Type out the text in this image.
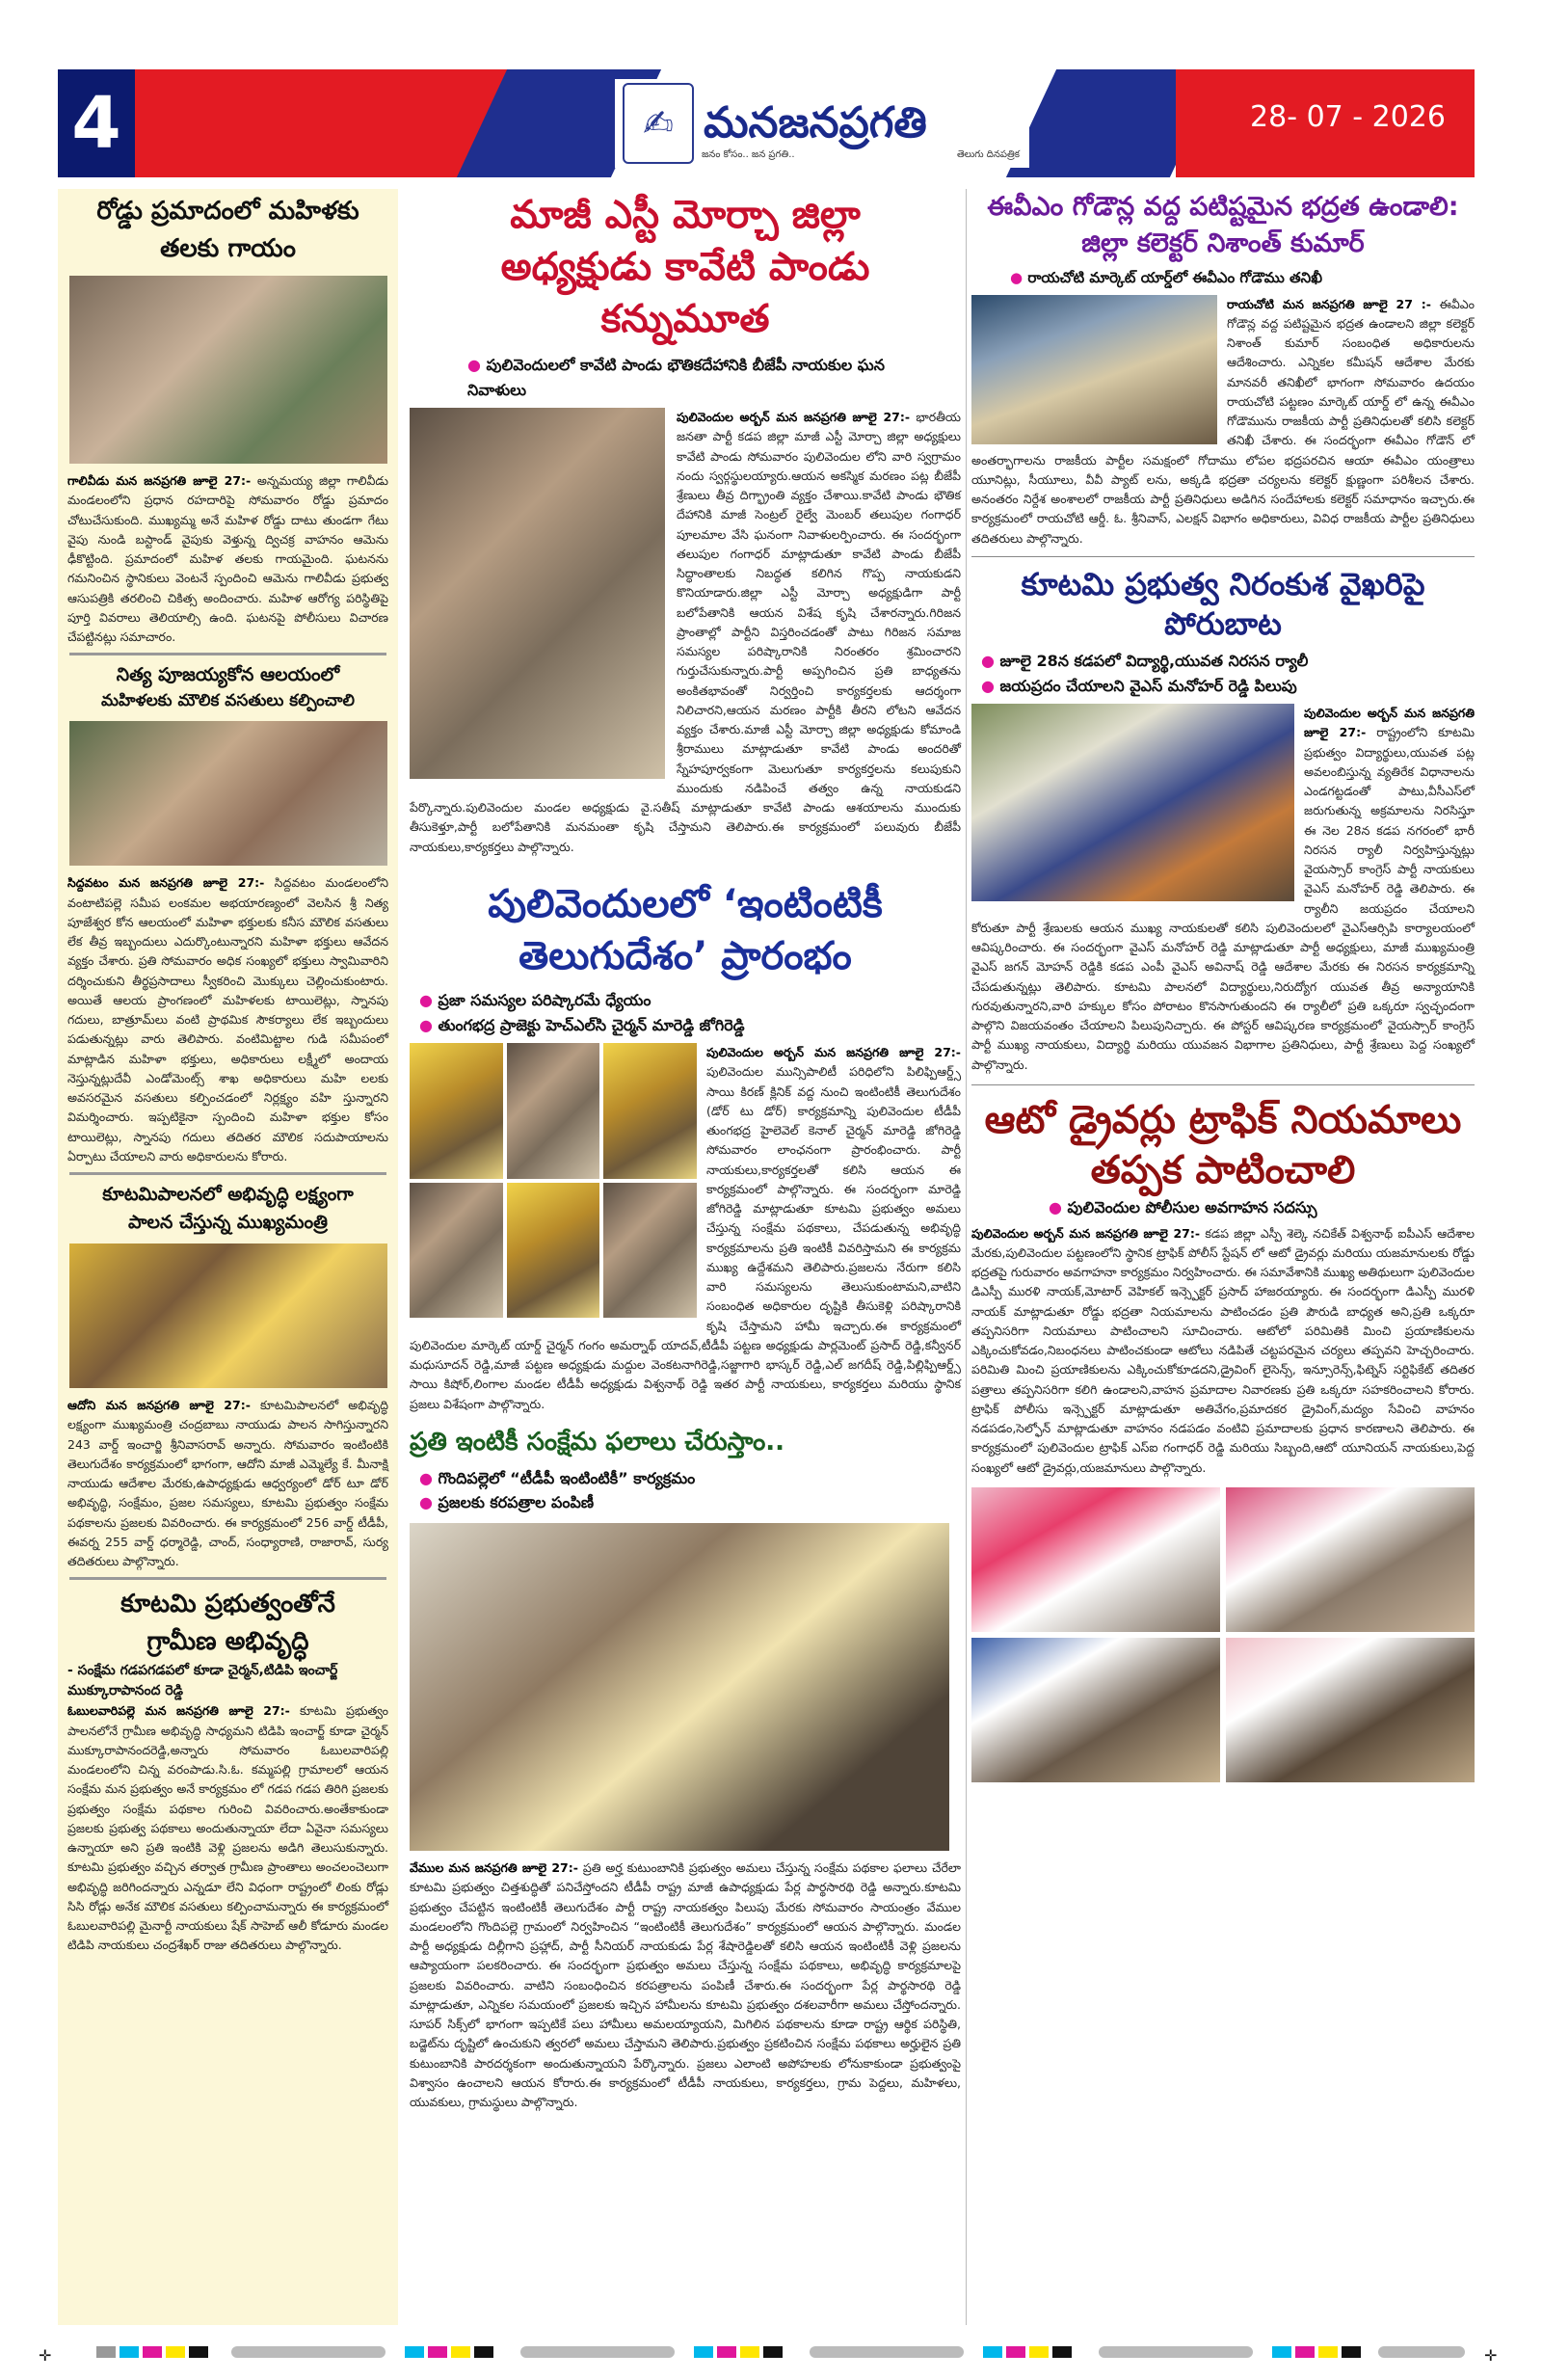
4	✍ మనజనప్రగతి
జనం కోసం.. జన ప్రగతి..	తెలుగు దినపత్రిక
28- 07 - 2026
రోడ్డు ప్రమాదంలో మహిళకు తలకు గాయం
గాలివీడు మన జనప్రగతి జూలై 27:- అన్నమయ్య జిల్లా గాలివీడు మండలంలోని ప్రధాన రహదారిపై సోమవారం రోడ్డు ప్రమాదం చోటుచేసుకుంది. ముఖ్యమ్మ అనే మహిళ రోడ్డు దాటు తుండగా గేటు వైపు నుండి బస్టాండ్ వైపుకు వెళ్తున్న ద్విచక్ర వాహనం ఆమెను ఢీకొట్టింది. ప్రమాదంలో మహిళ తలకు గాయమైంది. ఘటనను గమనించిన స్థానికులు వెంటనే స్పందించి ఆమెను గాలివీడు ప్రభుత్వ ఆసుపత్రికి తరలించి చికిత్స అందించారు. మహిళ ఆరోగ్య పరిస్థితిపై పూర్తి వివరాలు తెలియాల్సి ఉంది. ఘటనపై పోలీసులు విచారణ చేపట్టినట్లు సమాచారం.
నిత్య పూజయ్యకోన ఆలయంలో
మహిళలకు మౌలిక వసతులు కల్పించాలి
సిద్దవటం మన జనప్రగతి జూలై 27:- సిద్దవటం మండలంలోని వంటాటిపల్లె సమీప లంకమల అభయారణ్యంలో వెలసిన శ్రీ నిత్య పూజేశ్వర కోన ఆలయంలో మహిళా భక్తులకు కనీస మౌలిక వసతులు లేక తీవ్ర ఇబ్బందులు ఎదుర్కొంటున్నారని మహిళా భక్తులు ఆవేదన వ్యక్తం చేశారు. ప్రతి సోమవారం అధిక సంఖ్యలో భక్తులు స్వామివారిని దర్శించుకుని తీర్థప్రసాదాలు స్వీకరించి మొక్కులు చెల్లించుకుంటారు. అయితే ఆలయ ప్రాంగణంలో మహిళలకు టాయిలెట్లు, స్నానపు గదులు, బాత్రూమ్‌లు వంటి ప్రాథమిక సౌకర్యాలు లేక ఇబ్బందులు పడుతున్నట్లు వారు తెలిపారు. వంటిమిట్టాల గుడి సమీపంలో మాట్లాడిన మహిళా భక్తులు, అధికారులు లక్ష్మీలో అందాయ నెస్తున్నట్లుదేవీ ఎండోమెంట్స్ శాఖ అధికారులు మహి లలకు అవసరమైన వసతులు కల్పించడంలో నిర్లక్ష్యం వహి స్తున్నారని విమర్శించారు. ఇప్పటికైనా స్పందించి మహిళా భక్తుల కోసం టాయిలెట్లు, స్నానపు గదులు తదితర మౌలిక సదుపాయాలను ఏర్పాటు చేయాలని వారు అధికారులను కోరారు.
కూటమిపాలనలో అభివృద్ధి లక్ష్యంగా పాలన చేస్తున్న ముఖ్యమంత్రి
ఆదోని మన జనప్రగతి జూలై 27:- కూటమిపాలనలో అభివృద్ధి లక్ష్యంగా ముఖ్యమంత్రి చంద్రబాబు నాయుడు పాలన సాగిస్తున్నారని 243 వార్డ్ ఇంచార్జి శ్రీనివాసరావ్ అన్నారు. సోమవారం ఇంటింటికి తెలుగుదేశం కార్యక్రమంలో భాగంగా, ఆదోని మాజీ ఎమ్మెల్యే కే. మీనాక్షి నాయుడు ఆదేశాల మేరకు,ఉపాధ్యక్షుడు ఆధ్వర్యంలో డోర్ టూ డోర్ అభివృద్ధి, సంక్షేమం, ప్రజల సమస్యలు, కూటమి ప్రభుత్వం సంక్షేమ పథకాలను ప్రజలకు వివరించారు. ఈ కార్యక్రమంలో 256 వార్డ్ టీడీపీ, ఈవర్న 255 వార్డ్ ధర్మారెడ్డి, చాంద్, సంధ్యారాణి, రాజారావ్, సుర్య తదితరులు పాల్గొన్నారు.
కూటమి ప్రభుత్వంతోనే గ్రామీణ అభివృద్ధి
- సంక్షేమ గడపగడపలో కూడా చైర్మన్,టిడిపి ఇంచార్జ్ ముక్కూరాపానంద రెడ్డి
ఓబులవారిపల్లె మన జనప్రగతి జూలై 27:- కూటమి ప్రభుత్వం పాలనలోనే గ్రామీణ అభివృద్ధి సాధ్యమని టిడిపి ఇంచార్జ్ కూడా చైర్మన్ ముక్కూరాపానందరెడ్డి,అన్నారు సోమవారం ఓబులవారిపల్లి మండలంలోని చిన్న వరంపాడు.సి.ఓ. కమ్మపల్లి గ్రామాలలో ఆయన సంక్షేమ మన ప్రభుత్వం అనే కార్యక్రమం లో గడప గడప తిరిగి ప్రజలకు ప్రభుత్వం సంక్షేమ పథకాల గురించి వివరించారు.అంతేకాకుండా ప్రజలకు ప్రభుత్వ పథకాలు అందుతున్నాయా లేదా ఏవైనా సమస్యలు ఉన్నాయా అని ప్రతి ఇంటికి వెళ్లి ప్రజలను అడిగి తెలుసుకున్నారు. కూటమి ప్రభుత్వం వచ్చిన తర్వాత గ్రామీణ ప్రాంతాలు అంచలంచెలుగా అభివృద్ధి జరిగిందన్నారు ఎన్నడూ లేని విధంగా రాష్ట్రంలో లింకు రోడ్లు సిసి రోడ్లు అనేక మౌలిక వసతులు కల్పించామన్నారు ఈ కార్యక్రమంలో ఓబులవారిపల్లి మైనార్టీ నాయకులు షేక్ సాహెబ్ ఆలీ కోడూరు మండల టిడిపి నాయకులు చంద్రశేఖర్ రాజు తదితరులు పాల్గొన్నారు.
మాజీ ఎస్టీ మోర్చా జిల్లా అధ్యక్షుడు కావేటి పాండు కన్నుమూత
● పులివెందులలో కావేటి పాండు భౌతికదేహానికి బీజేపీ నాయకుల ఘన నివాళులు
పులివెందుల అర్బన్ మన జనప్రగతి జూలై 27:- భారతీయ జనతా పార్టీ కడప జిల్లా మాజీ ఎస్టీ మోర్చా జిల్లా అధ్యక్షులు కావేటి పాండు సోమవారం పులివెందుల లోని వారి స్వగ్రామం నందు స్వర్గస్థులయ్యారు.ఆయన అకస్మిక మరణం పట్ల బీజేపీ శ్రేణులు తీవ్ర దిగ్భ్రాంతి వ్యక్తం చేశాయి.కావేటి పాండు భౌతిక దేహానికి మాజీ సెంట్రల్ రైల్వే మెంబర్ తలుపుల గంగాధర్ పూలమాల వేసి ఘనంగా నివాళులర్పించారు. ఈ సందర్భంగా తలుపుల గంగాధర్ మాట్లాడుతూ కావేటి పాండు బీజేపీ సిద్ధాంతాలకు నిబద్ధత కలిగిన గొప్ప నాయకుడని కొనియాడారు.జిల్లా ఎస్టీ మోర్చా అధ్యక్షుడిగా పార్టీ బలోపేతానికి ఆయన విశేష కృషి చేశారన్నారు.గిరిజన ప్రాంతాల్లో పార్టీని విస్తరించడంతో పాటు గిరిజన సమాజ సమస్యల పరిష్కారానికి నిరంతరం శ్రమించారని గుర్తుచేసుకున్నారు.పార్టీ అప్పగించిన ప్రతి బాధ్యతను అంకితభావంతో నిర్వర్తించి కార్యకర్తలకు ఆదర్శంగా నిలిచారని,ఆయన మరణం పార్టీకి తీరని లోటని ఆవేదన వ్యక్తం చేశారు.మాజీ ఎస్టీ మోర్చా జిల్లా అధ్యక్షుడు కోమాండి శ్రీరాములు మాట్లాడుతూ కావేటి పాండు అందరితో స్నేహపూర్వకంగా మెలుగుతూ కార్యకర్తలను కలుపుకుని ముందుకు నడిపించే తత్వం ఉన్న నాయకుడని పేర్కొన్నారు.పులివెందుల మండల అధ్యక్షుడు వై.సతీష్ మాట్లాడుతూ కావేటి పాండు ఆశయాలను ముందుకు తీసుకెళ్తూ,పార్టీ బలోపేతానికి మనమంతా కృషి చేస్తామని తెలిపారు.ఈ కార్యక్రమంలో పలువురు బీజేపీ నాయకులు,కార్యకర్తలు పాల్గొన్నారు.
పులివెందులలో ‘ఇంటింటికీ తెలుగుదేశం’ ప్రారంభం
● ప్రజా సమస్యల పరిష్కారమే ధ్యేయం
● తుంగభద్ర ప్రాజెక్టు హెచ్‌ఎల్‌సి చైర్మన్ మారెడ్డి జోగిరెడ్డి
పులివెందుల అర్బన్ మన జనప్రగతి జూలై 27:- పులివెందుల మున్సిపాలిటీ పరిధిలోని పిలిఫ్పిఆర్డ్స్ సాయి కిరణ్ క్లినిక్ వద్ద నుంచి ఇంటింటికీ తెలుగుదేశం (డోర్ టు డోర్) కార్యక్రమాన్ని పులివెందుల టీడీపీ తుంగభద్ర హైలెవెల్ కెనాల్ చైర్మన్ మారెడ్డి జోగిరెడ్డి సోమవారం లాంఛనంగా ప్రారంభించారు. పార్టీ నాయకులు,కార్యకర్తలతో కలిసి ఆయన ఈ కార్యక్రమంలో పాల్గొన్నారు. ఈ సందర్భంగా మారెడ్డి జోగిరెడ్డి మాట్లాడుతూ కూటమి ప్రభుత్వం అమలు చేస్తున్న సంక్షేమ పథకాలు, చేపడుతున్న అభివృద్ధి కార్యక్రమాలను ప్రతి ఇంటికీ వివరిస్తామని ఈ కార్యక్రమ ముఖ్య ఉద్దేశమని తెలిపారు.ప్రజలను నేరుగా కలిసి వారి సమస్యలను తెలుసుకుంటామని,వాటిని సంబంధిత అధికారుల దృష్టికి తీసుకెళ్లి పరిష్కారానికి కృషి చేస్తామని హామీ ఇచ్చారు.ఈ కార్యక్రమంలో పులివెందుల మార్కెట్ యార్డ్ చైర్మన్ గంగం అమర్నాథ్ యాదవ్,టీడీపీ పట్టణ అధ్యక్షుడు పార్లమెంట్ ప్రసాద్ రెడ్డి,కన్వీనర్ మధుసూదన్ రెడ్డి,మాజీ పట్టణ అధ్యక్షుడు మద్దుల వెంకటనాగిరెడ్డి,సజ్జాగారి భాస్కర్ రెడ్డి,ఎల్ జగదీష్ రెడ్డి,పిల్లిఫ్పిఆర్డ్స్ సాయి కిషోర్,లింగాల మండల టీడీపీ అధ్యక్షుడు విశ్వనాథ్ రెడ్డి ఇతర పార్టీ నాయకులు, కార్యకర్తలు మరియు స్థానిక ప్రజలు విశేషంగా పాల్గొన్నారు.
ప్రతి ఇంటికీ సంక్షేమ ఫలాలు చేరుస్తాం..
● గొందిపల్లెలో “టీడీపీ ఇంటింటికీ” కార్యక్రమం
● ప్రజలకు కరపత్రాల పంపిణీ
వేముల మన జనప్రగతి జూలై 27:- ప్రతి అర్హ కుటుంబానికి ప్రభుత్వం అమలు చేస్తున్న సంక్షేమ పథకాల ఫలాలు చేరేలా కూటమి ప్రభుత్వం చిత్తశుద్ధితో పనిచేస్తోందని టీడీపీ రాష్ట్ర మాజీ ఉపాధ్యక్షుడు పేర్ల పార్థసారథి రెడ్డి అన్నారు.కూటమి ప్రభుత్వం చేపట్టిన ఇంటింటికీ తెలుగుదేశం పార్టీ రాష్ట్ర నాయకత్వం పిలుపు మేరకు సోమవారం సాయంత్రం వేముల మండలంలోని గొందిపల్లె గ్రామంలో నిర్వహించిన “ఇంటింటికీ తెలుగుదేశం” కార్యక్రమంలో ఆయన పాల్గొన్నారు. మండల పార్టీ అధ్యక్షుడు దిల్లీగాని ప్రహ్లాద్, పార్టీ సీనియర్ నాయకుడు పేర్ల శేషారెడ్డిలతో కలిసి ఆయన ఇంటింటికీ వెళ్లి ప్రజలను ఆప్యాయంగా పలకరించారు. ఈ సందర్భంగా ప్రభుత్వం అమలు చేస్తున్న సంక్షేమ పథకాలు, అభివృద్ధి కార్యక్రమాలపై ప్రజలకు వివరించారు. వాటిని సంబంధించిన కరపత్రాలను పంపిణీ చేశారు.ఈ సందర్భంగా పేర్ల పార్థసారథి రెడ్డి మాట్లాడుతూ, ఎన్నికల సమయంలో ప్రజలకు ఇచ్చిన హామీలను కూటమి ప్రభుత్వం దశలవారీగా అమలు చేస్తోందన్నారు. సూపర్ సిక్స్‌లో భాగంగా ఇప్పటికే పలు హామీలు అమలయ్యాయని, మిగిలిన పథకాలను కూడా రాష్ట్ర ఆర్థిక పరిస్థితి, బడ్జెట్‌ను దృష్టిలో ఉంచుకుని త్వరలో అమలు చేస్తామని తెలిపారు.ప్రభుత్వం ప్రకటించిన సంక్షేమ పథకాలు అర్హులైన ప్రతి కుటుంబానికి పారదర్శకంగా అందుతున్నాయని పేర్కొన్నారు. ప్రజలు ఎలాంటి అపోహలకు లోనుకాకుండా ప్రభుత్వంపై విశ్వాసం ఉంచాలని ఆయన కోరారు.ఈ కార్యక్రమంలో టీడీపీ నాయకులు, కార్యకర్తలు, గ్రామ పెద్దలు, మహిళలు, యువకులు, గ్రామస్థులు పాల్గొన్నారు.
ఈవీఎం గోడౌన్ల వద్ద పటిష్టమైన భద్రత ఉండాలి: జిల్లా కలెక్టర్ నిశాంత్ కుమార్
● రాయచోటి మార్కెట్ యార్డ్‌లో ఈవీఎం గోడౌము తనిఖీ
రాయచోటి మన జనప్రగతి జూలై 27 :- ఈవీఎం గోడౌన్ల వద్ద పటిష్టమైన భద్రత ఉండాలని జిల్లా కలెక్టర్ నిశాంత్ కుమార్ సంబంధిత అధికారులను ఆదేశించారు. ఎన్నికల కమీషన్ ఆదేశాల మేరకు మానవరీ తనిఖీలో భాగంగా సోమవారం ఉదయం రాయచోటి పట్టణం మార్కెట్ యార్డ్ లో ఉన్న ఈవీఎం గోడౌమును రాజకీయ పార్టీ ప్రతినిధులతో కలిసి కలెక్టర్ తనిఖీ చేశారు. ఈ సందర్భంగా ఈవీఎం గోడౌన్ లో అంతర్భాగాలను రాజకీయ పార్టీల సమక్షంలో గోదాము లోపల భద్రపరచిన ఆయా ఈవీఎం యంత్రాలు యూనిట్లు, సీయూలు, వీవీ ప్యాట్ లను, అక్కడి భద్రతా చర్యలను కలెక్టర్ క్షుణ్ణంగా పరిశీలన చేశారు. అనంతరం నిర్దేశ అంశాలలో రాజకీయ పార్టీ ప్రతినిధులు అడిగిన సందేహాలకు కలెక్టర్ సమాధానం ఇచ్చారు.ఈ కార్యక్రమంలో రాయచోటి ఆర్డీ. ఓ. శ్రీనివాస్, ఎలక్షన్ విభాగం అధికారులు, వివిధ రాజకీయ పార్టీల ప్రతినిధులు తదితరులు పాల్గొన్నారు.
కూటమి ప్రభుత్వ నిరంకుశ వైఖరిపై పోరుబాట
● జూలై 28న కడపలో విద్యార్థి,యువత నిరసన ర్యాలీ
● జయప్రదం చేయాలని వైఎస్ మనోహర్ రెడ్డి పిలుపు
పులివెందుల అర్బన్ మన జనప్రగతి జూలై 27:- రాష్ట్రంలోని కూటమి ప్రభుత్వం విద్యార్థులు,యువత పట్ల అవలంబిస్తున్న వ్యతిరేక విధానాలను ఎండగట్టడంతో పాటు,వీసీఎస్‌లో జరుగుతున్న అక్రమాలను నిరసిస్తూ ఈ నెల 28న కడప నగరంలో భారీ నిరసన ర్యాలీ నిర్వహిస్తున్నట్లు వైయస్సార్ కాంగ్రెస్ పార్టీ నాయకులు వైఎస్ మనోహర్ రెడ్డి తెలిపారు. ఈ ర్యాలీని జయప్రదం చేయాలని కోరుతూ పార్టీ శ్రేణులకు ఆయన ముఖ్య నాయకులతో కలిసి పులివెందులలో వైఎస్ఆర్సిపి కార్యాలయంలో ఆవిష్కరించారు. ఈ సందర్భంగా వైఎస్ మనోహర్ రెడ్డి మాట్లాడుతూ పార్టీ అధ్యక్షులు, మాజీ ముఖ్యమంత్రి వైఎస్ జగన్ మోహన్ రెడ్డికి కడప ఎంపీ వైఎస్ అవినాష్ రెడ్డి ఆదేశాల మేరకు ఈ నిరసన కార్యక్రమాన్ని చేపడుతున్నట్లు తెలిపారు. కూటమి పాలనలో విద్యార్థులు,నిరుద్యోగ యువత తీవ్ర అన్యాయానికి గురవుతున్నారని,వారి హక్కుల కోసం పోరాటం కొనసాగుతుందని ఈ ర్యాలీలో ప్రతి ఒక్కరూ స్వచ్ఛందంగా పాల్గొని విజయవంతం చేయాలని పిలుపునిచ్చారు. ఈ పోస్టర్ ఆవిష్కరణ కార్యక్రమంలో వైయస్సార్ కాంగ్రెస్ పార్టీ ముఖ్య నాయకులు, విద్యార్థి మరియు యువజన విభాగాల ప్రతినిధులు, పార్టీ శ్రేణులు పెద్ద సంఖ్యలో పాల్గొన్నారు.
ఆటో డ్రైవర్లు ట్రాఫిక్ నియమాలు తప్పక పాటించాలి
● పులివెందుల పోలీసుల అవగాహన సదస్సు
పులివెందుల అర్బన్ మన జనప్రగతి జూలై 27:- కడప జిల్లా ఎస్పీ శెల్కె నచికేత్ విశ్వనాథ్ ఐపీఎస్ ఆదేశాల మేరకు,పులివెందుల పట్టణంలోని స్థానిక ట్రాఫిక్ పోలీస్ స్టేషన్ లో ఆటో డ్రైవర్లు మరియు యజమానులకు రోడ్డు భద్రతపై గురువారం అవగాహనా కార్యక్రమం నిర్వహించారు. ఈ సమావేశానికి ముఖ్య అతిథులుగా పులివెందుల డిఎస్పీ మురళి నాయక్,మోటార్ వెహికల్ ఇన్స్పెక్టర్ ప్రసాద్ హాజరయ్యారు. ఈ సందర్భంగా డిఎస్పీ మురళి నాయక్ మాట్లాడుతూ రోడ్డు భద్రతా నియమాలను పాటించడం ప్రతి పౌరుడి బాధ్యత అని,ప్రతి ఒక్కరూ తప్పనిసరిగా నియమాలు పాటించాలని సూచించారు. ఆటోలో పరిమితికి మించి ప్రయాణికులను ఎక్కించుకోవడం,నిబంధనలు పాటించకుండా ఆటోలు నడిపితే చట్టపరమైన చర్యలు తప్పవని హెచ్చరించారు. పరిమితి మించి ప్రయాణికులను ఎక్కించుకోకూడదని,డ్రైవింగ్ లైసెన్స్, ఇన్సూరెన్స్,ఫిట్నెస్ సర్టిఫికేట్ తదితర పత్రాలు తప్పనిసరిగా కలిగి ఉండాలని,వాహన ప్రమాదాల నివారణకు ప్రతి ఒక్కరూ సహకరించాలని కోరారు. ట్రాఫిక్ పోలీసు ఇన్స్పెక్టర్ మాట్లాడుతూ అతివేగం,ప్రమాదకర డ్రైవింగ్,మద్యం సేవించి వాహనం నడపడం,సెల్ఫోన్ మాట్లాడుతూ వాహనం నడపడం వంటివి ప్రమాదాలకు ప్రధాన కారణాలని తెలిపారు. ఈ కార్యక్రమంలో పులివెందుల ట్రాఫిక్ ఎస్ఐ గంగాధర్ రెడ్డి మరియు సిబ్బంది,ఆటో యూనియన్ నాయకులు,పెద్ద సంఖ్యలో ఆటో డ్రైవర్లు,యజమానులు పాల్గొన్నారు.
✛	✛
